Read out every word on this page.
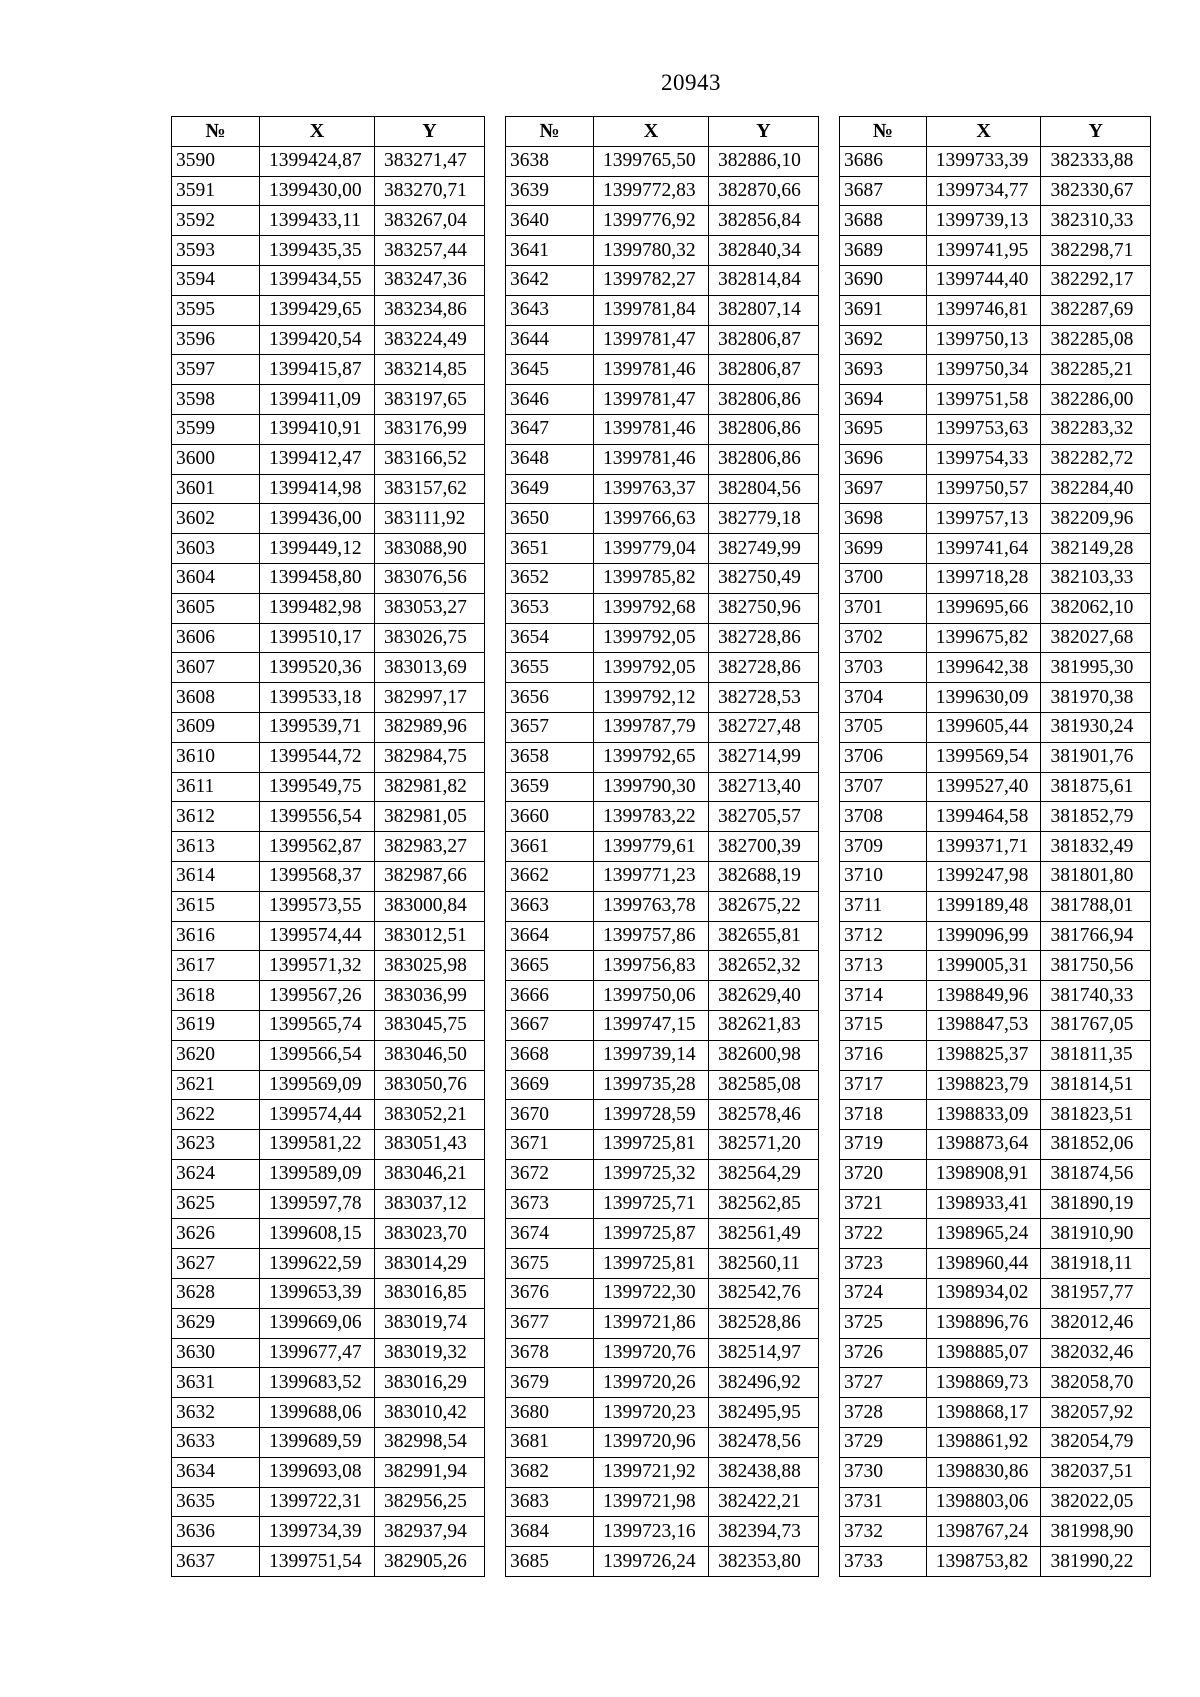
20943
№	X	Y
3590	1399424,87	383271,47
3591	1399430,00	383270,71
3592	1399433,11	383267,04
3593	1399435,35	383257,44
3594	1399434,55	383247,36
3595	1399429,65	383234,86
3596	1399420,54	383224,49
3597	1399415,87	383214,85
3598	1399411,09	383197,65
3599	1399410,91	383176,99
3600	1399412,47	383166,52
3601	1399414,98	383157,62
3602	1399436,00	383111,92
3603	1399449,12	383088,90
3604	1399458,80	383076,56
3605	1399482,98	383053,27
3606	1399510,17	383026,75
3607	1399520,36	383013,69
3608	1399533,18	382997,17
3609	1399539,71	382989,96
3610	1399544,72	382984,75
3611	1399549,75	382981,82
3612	1399556,54	382981,05
3613	1399562,87	382983,27
3614	1399568,37	382987,66
3615	1399573,55	383000,84
3616	1399574,44	383012,51
3617	1399571,32	383025,98
3618	1399567,26	383036,99
3619	1399565,74	383045,75
3620	1399566,54	383046,50
3621	1399569,09	383050,76
3622	1399574,44	383052,21
3623	1399581,22	383051,43
3624	1399589,09	383046,21
3625	1399597,78	383037,12
3626	1399608,15	383023,70
3627	1399622,59	383014,29
3628	1399653,39	383016,85
3629	1399669,06	383019,74
3630	1399677,47	383019,32
3631	1399683,52	383016,29
3632	1399688,06	383010,42
3633	1399689,59	382998,54
3634	1399693,08	382991,94
3635	1399722,31	382956,25
3636	1399734,39	382937,94
3637	1399751,54	382905,26
№	X	Y
3638	1399765,50	382886,10
3639	1399772,83	382870,66
3640	1399776,92	382856,84
3641	1399780,32	382840,34
3642	1399782,27	382814,84
3643	1399781,84	382807,14
3644	1399781,47	382806,87
3645	1399781,46	382806,87
3646	1399781,47	382806,86
3647	1399781,46	382806,86
3648	1399781,46	382806,86
3649	1399763,37	382804,56
3650	1399766,63	382779,18
3651	1399779,04	382749,99
3652	1399785,82	382750,49
3653	1399792,68	382750,96
3654	1399792,05	382728,86
3655	1399792,05	382728,86
3656	1399792,12	382728,53
3657	1399787,79	382727,48
3658	1399792,65	382714,99
3659	1399790,30	382713,40
3660	1399783,22	382705,57
3661	1399779,61	382700,39
3662	1399771,23	382688,19
3663	1399763,78	382675,22
3664	1399757,86	382655,81
3665	1399756,83	382652,32
3666	1399750,06	382629,40
3667	1399747,15	382621,83
3668	1399739,14	382600,98
3669	1399735,28	382585,08
3670	1399728,59	382578,46
3671	1399725,81	382571,20
3672	1399725,32	382564,29
3673	1399725,71	382562,85
3674	1399725,87	382561,49
3675	1399725,81	382560,11
3676	1399722,30	382542,76
3677	1399721,86	382528,86
3678	1399720,76	382514,97
3679	1399720,26	382496,92
3680	1399720,23	382495,95
3681	1399720,96	382478,56
3682	1399721,92	382438,88
3683	1399721,98	382422,21
3684	1399723,16	382394,73
3685	1399726,24	382353,80
№	X	Y
3686	1399733,39	382333,88
3687	1399734,77	382330,67
3688	1399739,13	382310,33
3689	1399741,95	382298,71
3690	1399744,40	382292,17
3691	1399746,81	382287,69
3692	1399750,13	382285,08
3693	1399750,34	382285,21
3694	1399751,58	382286,00
3695	1399753,63	382283,32
3696	1399754,33	382282,72
3697	1399750,57	382284,40
3698	1399757,13	382209,96
3699	1399741,64	382149,28
3700	1399718,28	382103,33
3701	1399695,66	382062,10
3702	1399675,82	382027,68
3703	1399642,38	381995,30
3704	1399630,09	381970,38
3705	1399605,44	381930,24
3706	1399569,54	381901,76
3707	1399527,40	381875,61
3708	1399464,58	381852,79
3709	1399371,71	381832,49
3710	1399247,98	381801,80
3711	1399189,48	381788,01
3712	1399096,99	381766,94
3713	1399005,31	381750,56
3714	1398849,96	381740,33
3715	1398847,53	381767,05
3716	1398825,37	381811,35
3717	1398823,79	381814,51
3718	1398833,09	381823,51
3719	1398873,64	381852,06
3720	1398908,91	381874,56
3721	1398933,41	381890,19
3722	1398965,24	381910,90
3723	1398960,44	381918,11
3724	1398934,02	381957,77
3725	1398896,76	382012,46
3726	1398885,07	382032,46
3727	1398869,73	382058,70
3728	1398868,17	382057,92
3729	1398861,92	382054,79
3730	1398830,86	382037,51
3731	1398803,06	382022,05
3732	1398767,24	381998,90
3733	1398753,82	381990,22
